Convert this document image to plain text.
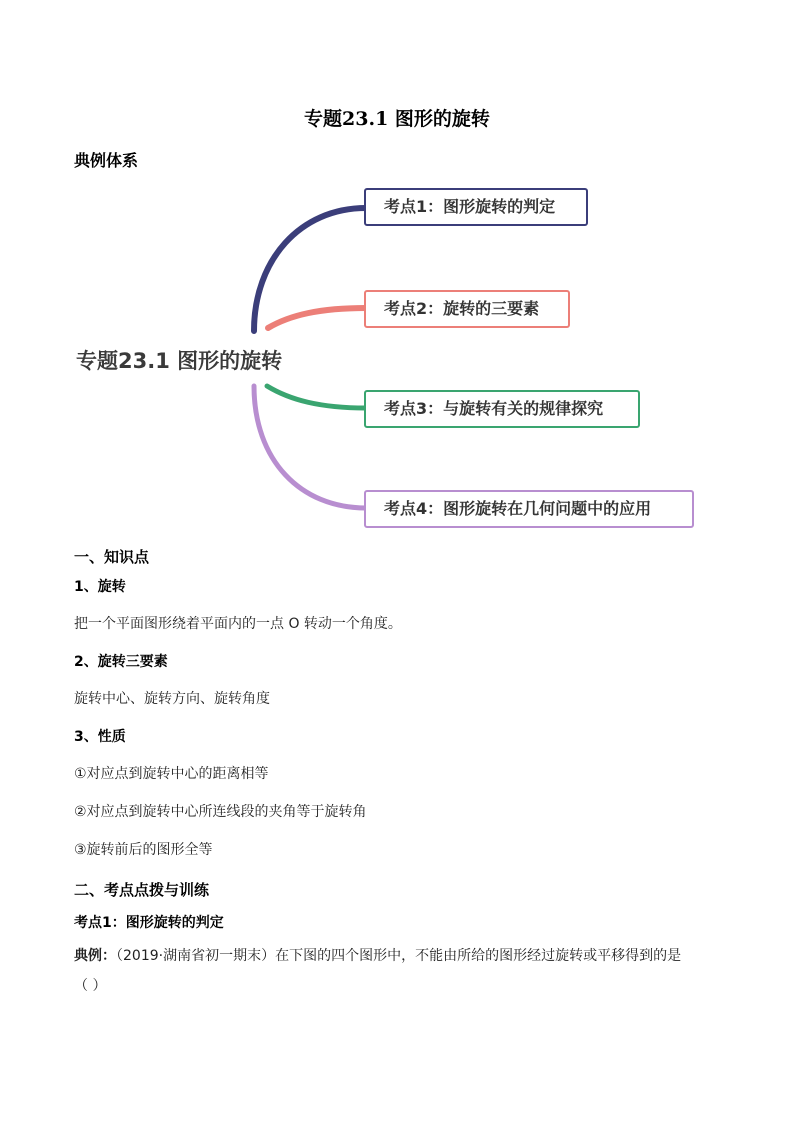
专题23.1 图形的旋转
典例体系
专题23.1 图形的旋转
考点1：图形旋转的判定
考点2：旋转的三要素
考点3：与旋转有关的规律探究
考点4：图形旋转在几何问题中的应用
一、知识点
1、旋转
把一个平面图形绕着平面内的一点 O 转动一个角度。
2、旋转三要素
旋转中心、旋转方向、旋转角度
3、性质
①对应点到旋转中心的距离相等
②对应点到旋转中心所连线段的夹角等于旋转角
③旋转前后的图形全等
二、考点点拨与训练
考点1：图形旋转的判定
典例：（2019·湖南省初一期末）在下图的四个图形中，不能由所给的图形经过旋转或平移得到的是
（ ）
